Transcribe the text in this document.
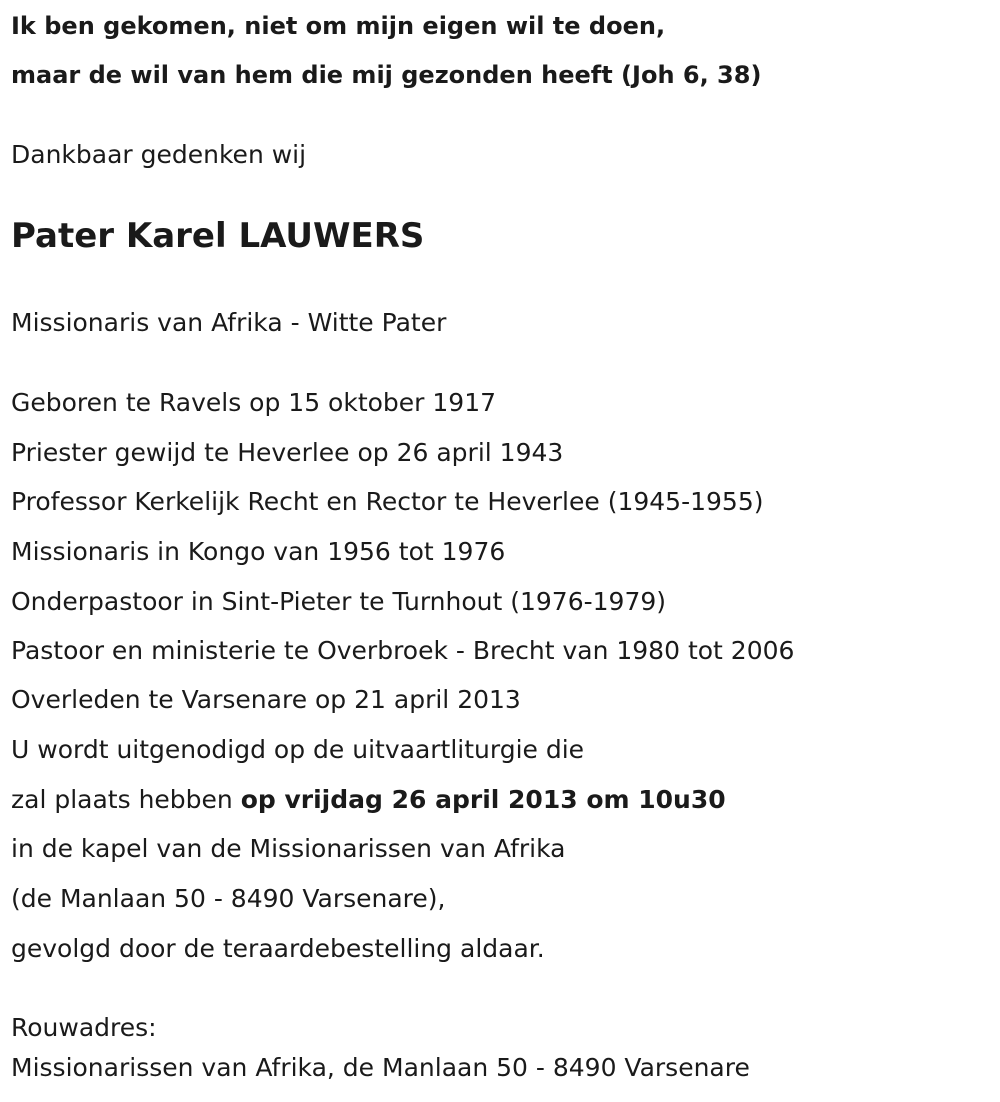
Ik ben gekomen, niet om mijn eigen wil te doen,
maar de wil van hem die mij gezonden heeft (Joh 6, 38)
Dankbaar gedenken wij
Pater Karel LAUWERS
Missionaris van Afrika - Witte Pater
Geboren te Ravels op 15 oktober 1917
Priester gewijd te Heverlee op 26 april 1943
Professor Kerkelijk Recht en Rector te Heverlee (1945-1955)
Missionaris in Kongo van 1956 tot 1976
Onderpastoor in Sint-Pieter te Turnhout (1976-1979)
Pastoor en ministerie te Overbroek - Brecht van 1980 tot 2006
Overleden te Varsenare op 21 april 2013
U wordt uitgenodigd op de uitvaartliturgie die
zal plaats hebben op vrijdag 26 april 2013 om 10u30
in de kapel van de Missionarissen van Afrika
(de Manlaan 50 - 8490 Varsenare),
gevolgd door de teraardebestelling aldaar.
Rouwadres:
Missionarissen van Afrika, de Manlaan 50 - 8490 Varsenare
